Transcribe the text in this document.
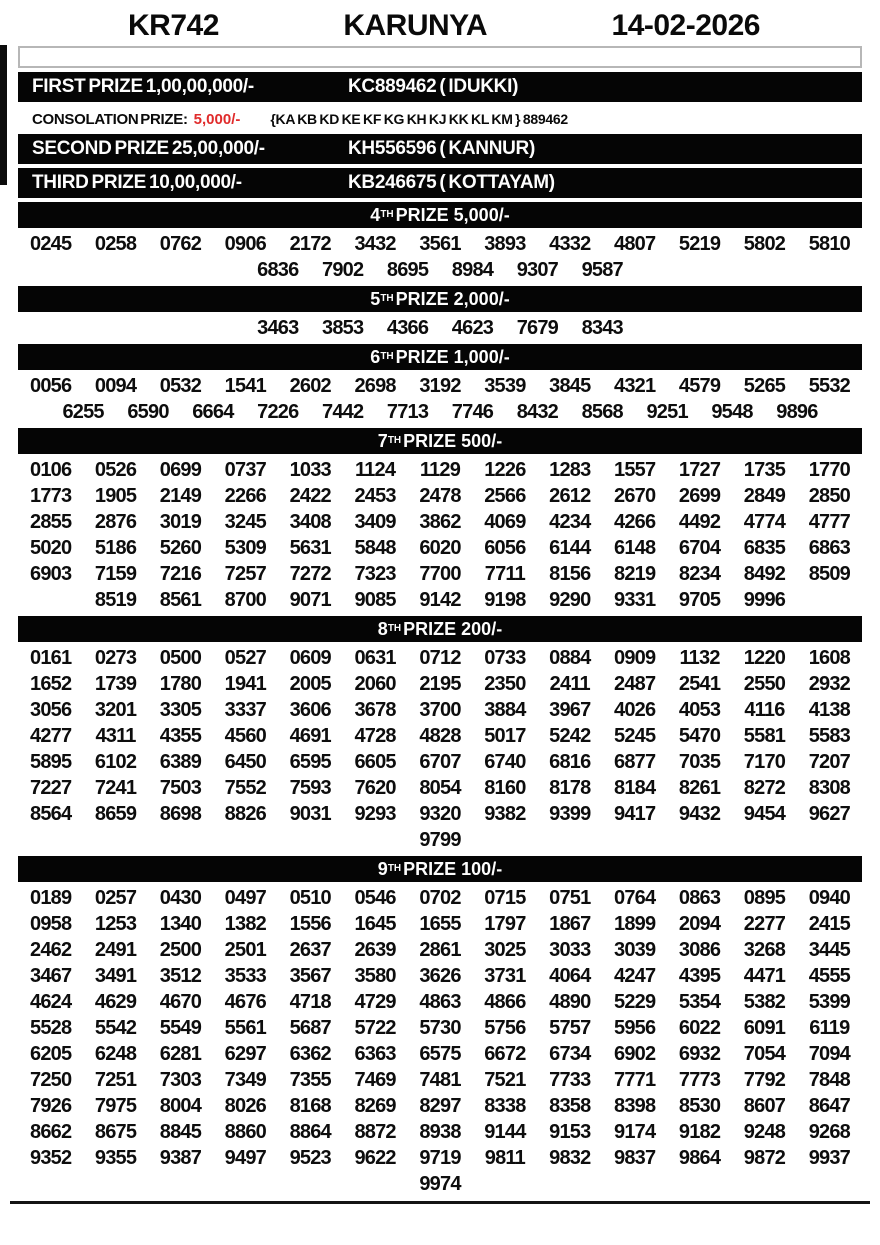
KR742	KARUNYA	14-02-2026
FIRST PRIZE 1,00,00,000/-	KC889462 ( IDUKKI)
CONSOLATION PRIZE: 5,000/- {KA KB KD KE KF KG KH KJ KK KL KM } 889462
SECOND PRIZE 25,00,000/-	KH556596 ( KANNUR)
THIRD PRIZE 10,00,000/-	KB246675 ( KOTTAYAM)
4 TH PRIZE 5,000/-
0245	0258	0762	0906	2172	3432	3561	3893	4332	4807	5219	5802	5810
6836	7902	8695	8984	9307	9587
5 TH PRIZE 2,000/-
3463	3853	4366	4623	7679	8343
6 TH PRIZE 1,000/-
0056	0094	0532	1541	2602	2698	3192	3539	3845	4321	4579	5265	5532
6255	6590	6664	7226	7442	7713	7746	8432	8568	9251	9548	9896
7 TH PRIZE 500/-
0106	0526	0699	0737	1033	1124	1129	1226	1283	1557	1727	1735	1770
1773	1905	2149	2266	2422	2453	2478	2566	2612	2670	2699	2849	2850
2855	2876	3019	3245	3408	3409	3862	4069	4234	4266	4492	4774	4777
5020	5186	5260	5309	5631	5848	6020	6056	6144	6148	6704	6835	6863
6903	7159	7216	7257	7272	7323	7700	7711	8156	8219	8234	8492	8509
8519	8561	8700	9071	9085	9142	9198	9290	9331	9705	9996
8 TH PRIZE 200/-
0161	0273	0500	0527	0609	0631	0712	0733	0884	0909	1132	1220	1608
1652	1739	1780	1941	2005	2060	2195	2350	2411	2487	2541	2550	2932
3056	3201	3305	3337	3606	3678	3700	3884	3967	4026	4053	4116	4138
4277	4311	4355	4560	4691	4728	4828	5017	5242	5245	5470	5581	5583
5895	6102	6389	6450	6595	6605	6707	6740	6816	6877	7035	7170	7207
7227	7241	7503	7552	7593	7620	8054	8160	8178	8184	8261	8272	8308
8564	8659	8698	8826	9031	9293	9320	9382	9399	9417	9432	9454	9627
9799
9 TH PRIZE 100/-
0189	0257	0430	0497	0510	0546	0702	0715	0751	0764	0863	0895	0940
0958	1253	1340	1382	1556	1645	1655	1797	1867	1899	2094	2277	2415
2462	2491	2500	2501	2637	2639	2861	3025	3033	3039	3086	3268	3445
3467	3491	3512	3533	3567	3580	3626	3731	4064	4247	4395	4471	4555
4624	4629	4670	4676	4718	4729	4863	4866	4890	5229	5354	5382	5399
5528	5542	5549	5561	5687	5722	5730	5756	5757	5956	6022	6091	6119
6205	6248	6281	6297	6362	6363	6575	6672	6734	6902	6932	7054	7094
7250	7251	7303	7349	7355	7469	7481	7521	7733	7771	7773	7792	7848
7926	7975	8004	8026	8168	8269	8297	8338	8358	8398	8530	8607	8647
8662	8675	8845	8860	8864	8872	8938	9144	9153	9174	9182	9248	9268
9352	9355	9387	9497	9523	9622	9719	9811	9832	9837	9864	9872	9937
9974
